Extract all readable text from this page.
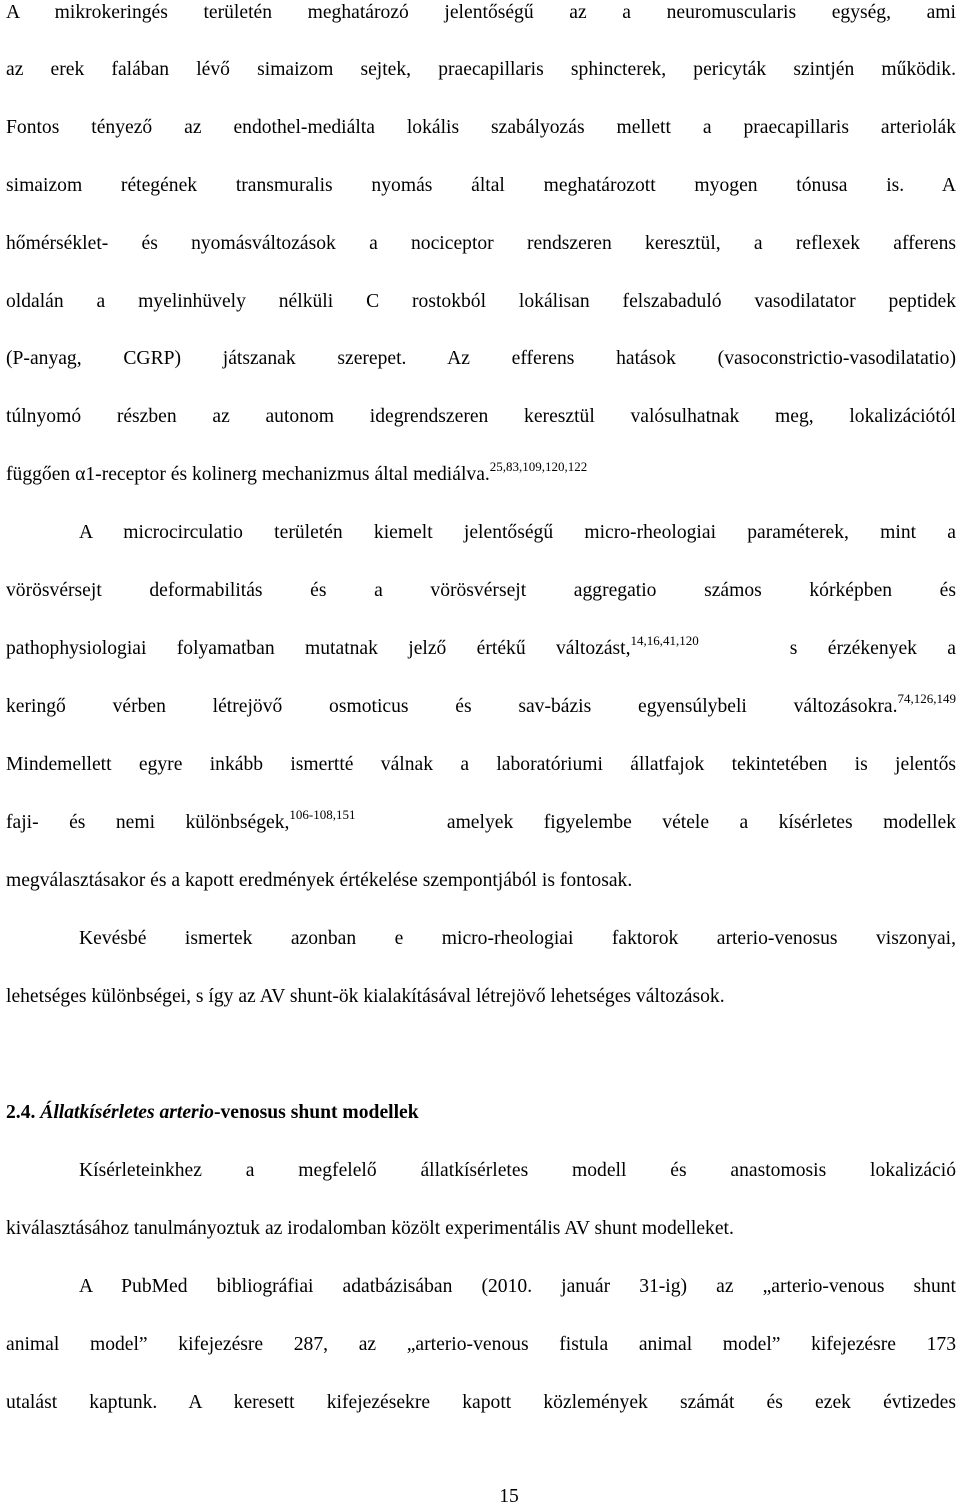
A mikrokeringés területén meghatározó jelentőségű az a neuromuscularis egység, ami
az erek falában lévő simaizom sejtek, praecapillaris sphincterek, pericyták szintjén működik.
Fontos tényező az endothel-mediálta lokális szabályozás mellett a praecapillaris arteriolák
simaizom rétegének transmuralis nyomás által meghatározott myogen tónusa is. A
hőmérséklet- és nyomásváltozások a nociceptor rendszeren keresztül, a reflexek afferens
oldalán a myelinhüvely nélküli C rostokból lokálisan felszabaduló vasodilatator peptidek
(P-anyag, CGRP) játszanak szerepet. Az efferens hatások (vasoconstrictio-vasodilatatio)
túlnyomó részben az autonom idegrendszeren keresztül valósulhatnak meg, lokalizációtól
függően α1-receptor és kolinerg mechanizmus által mediálva.$^{25,83,109,120,122}$
A microcirculatio területén kiemelt jelentőségű micro-rheologiai paraméterek, mint a
vörösvérsejt deformabilitás és a vörösvérsejt aggregatio számos kórképben és
pathophysiologiai folyamatban mutatnak jelző értékű változást,$^{14,16,41,120}$	s érzékenyek a
keringő vérben létrejövő osmoticus és sav-bázis egyensúlybeli változásokra.$^{74,126,149}$
Mindemellett egyre inkább ismertté válnak a laboratóriumi állatfajok tekintetében is jelentős
faji- és nemi különbségek,$^{106-108,151}$	amelyek figyelembe vétele a kísérletes modellek
megválasztásakor és a kapott eredmények értékelése szempontjából is fontosak.
Kevésbé ismertek azonban e micro-rheologiai faktorok arterio-venosus viszonyai,
lehetséges különbségei, s így az AV shunt-ök kialakításával létrejövő lehetséges változások.
2.4. Állatkísérletes arterio-venosus shunt modellek
Kísérleteinkhez a megfelelő állatkísérletes modell és anastomosis lokalizáció
kiválasztásához tanulmányoztuk az irodalomban közölt experimentális AV shunt modelleket.
A PubMed bibliográfiai adatbázisában (2010. január 31-ig) az „arterio-venous shunt
animal model” kifejezésre 287, az „arterio-venous fistula animal model” kifejezésre 173
utalást kaptunk. A keresett kifejezésekre kapott közlemények számát és ezek évtizedes
15
